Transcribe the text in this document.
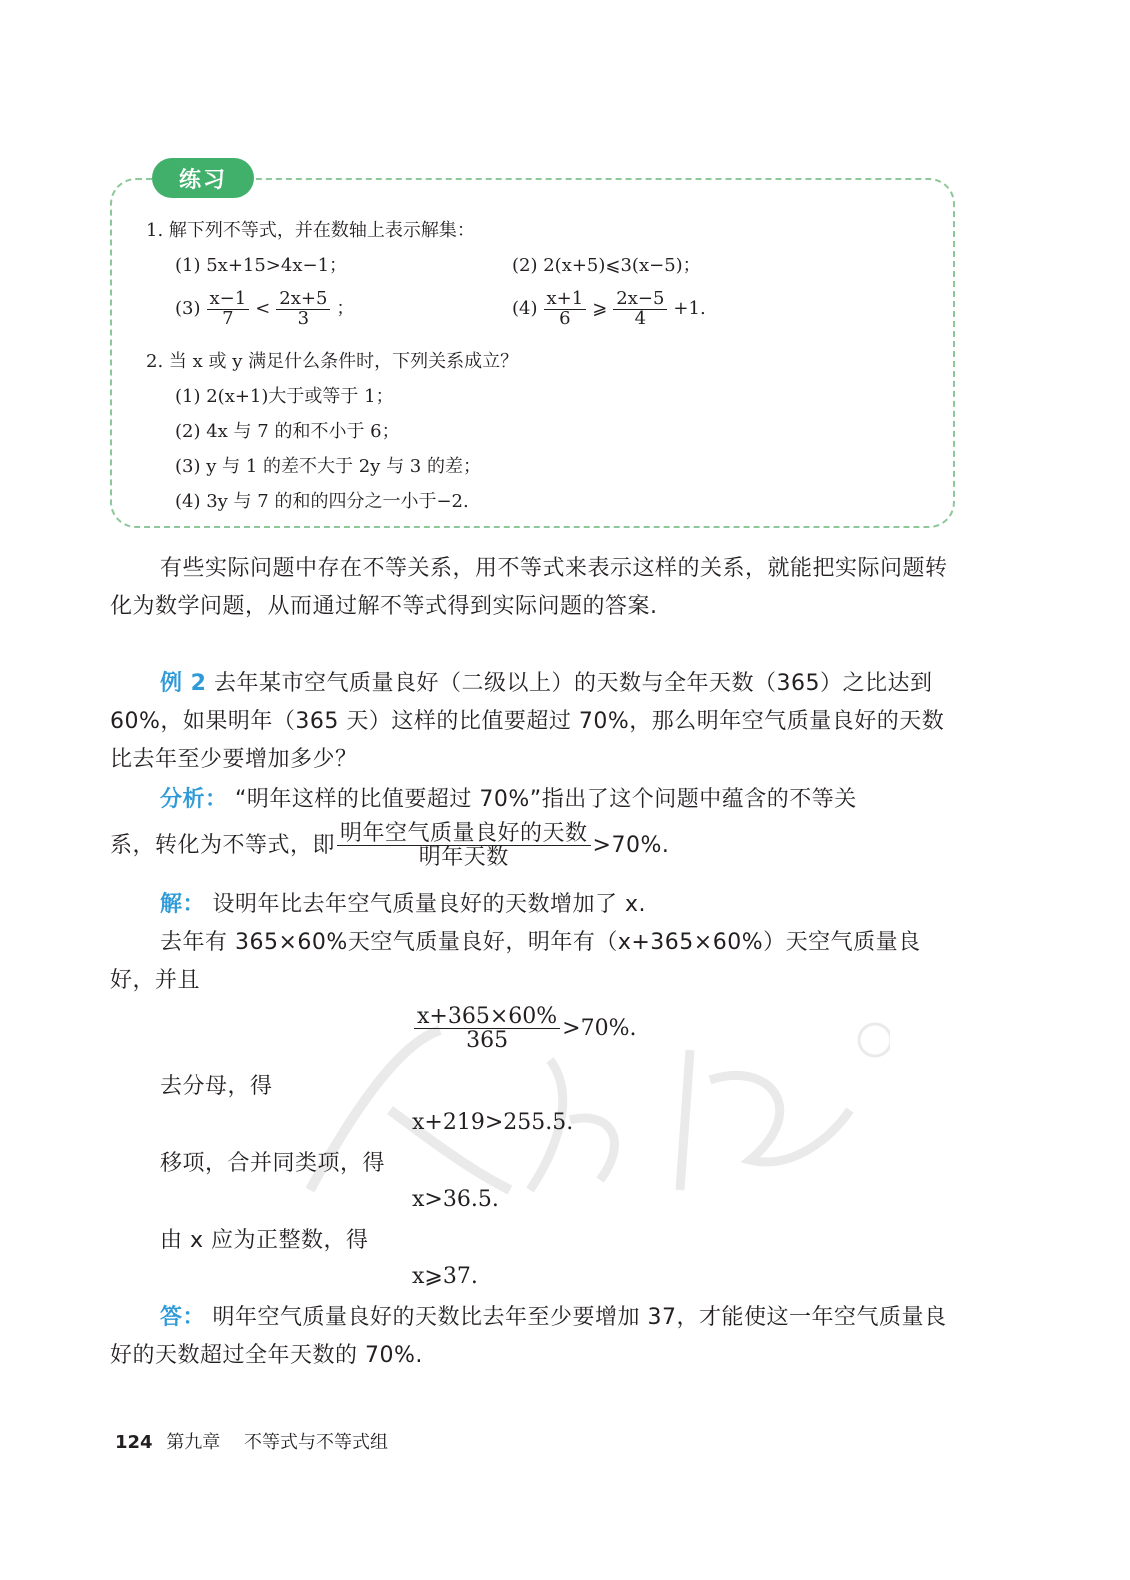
练习
1. 解下列不等式，并在数轴上表示解集：
(1) 5x+15>4x−1；	(2) 2(x+5)⩽3(x−5)；
$(3) \frac{x-1}{7} < \frac{2x+5}{3}$ ；	$(4) \frac{x+1}{6}$ ⩾ $\frac{2x-5}{4} +1$.
2. 当 x 或 y 满足什么条件时，下列关系成立？
(1) 2(x+1)大于或等于 1；
(2) 4x 与 7 的和不小于 6；
(3) y 与 1 的差不大于 2y 与 3 的差；
(4) 3y 与 7 的和的四分之一小于−2.
有些实际问题中存在不等关系，用不等式来表示这样的关系，就能把实际问题转化为数学问题，从而通过解不等式得到实际问题的答案.
例 2 去年某市空气质量良好（二级以上）的天数与全年天数（365）之比达到 60%，如果明年（365 天）这样的比值要超过 70%，那么明年空气质量良好的天数比去年至少要增加多少？
分析： “明年这样的比值要超过 70%”指出了这个问题中蕴含的不等关
系，转化为不等式，即 $\frac{\text{明年空气质量良好的天数}}{\text{明年天数}} >70\%$.
解： 设明年比去年空气质量良好的天数增加了 x.
去年有 365×60%天空气质量良好，明年有（x+365×60%）天空气质量良好，并且
$\frac{x+365\times 60\%}{365} >70\%$.
去分母，得
x+219>255.5.
移项，合并同类项，得
x>36.5.
由 x 应为正整数，得
x⩾37.
答： 明年空气质量良好的天数比去年至少要增加 37，才能使这一年空气质量良好的天数超过全年天数的 70%.
124 第九章 不等式与不等式组
